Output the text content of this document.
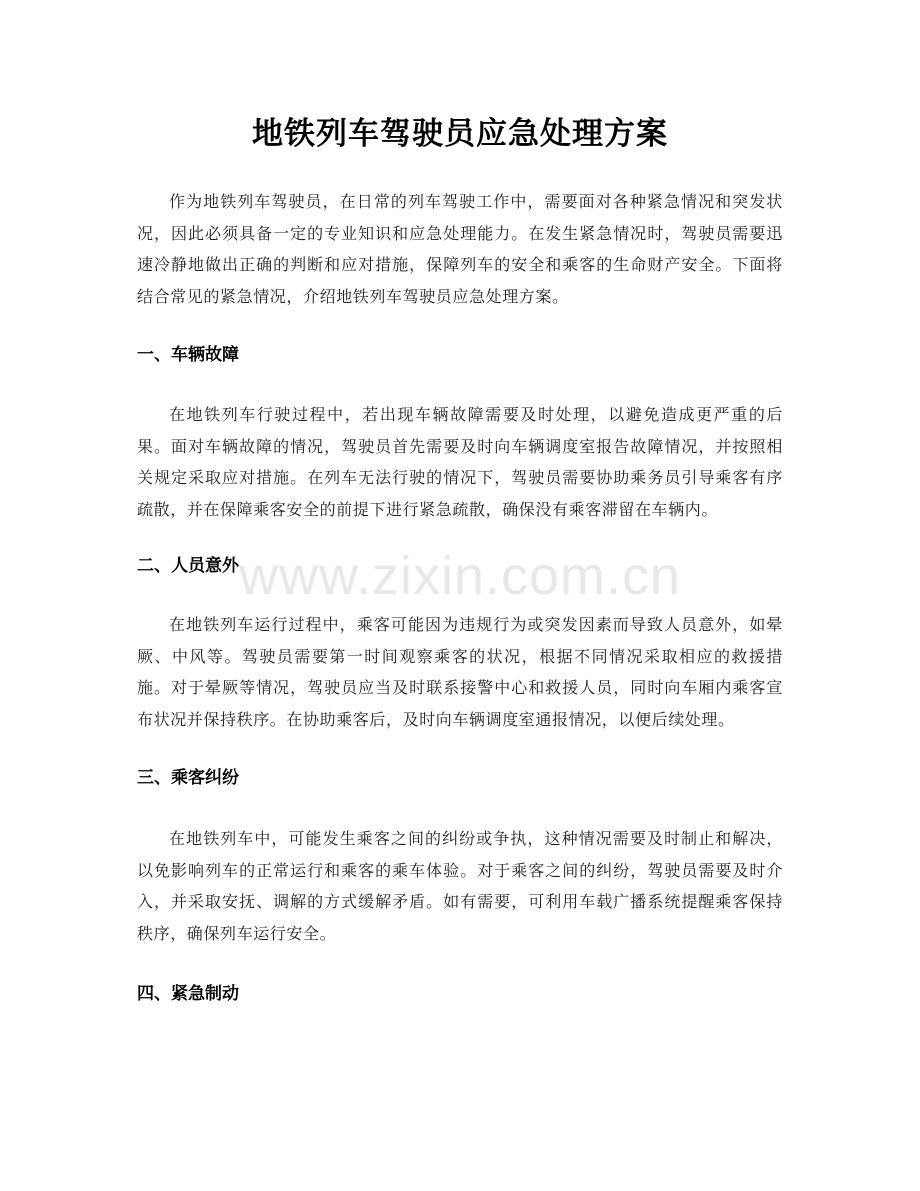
地铁列车驾驶员应急处理方案

作为地铁列车驾驶员，在日常的列车驾驶工作中，需要面对各种紧急情况和突发状况，因此必须具备一定的专业知识和应急处理能力。在发生紧急情况时，驾驶员需要迅速冷静地做出正确的判断和应对措施，保障列车的安全和乘客的生命财产安全。下面将结合常见的紧急情况，介绍地铁列车驾驶员应急处理方案。

一、车辆故障

在地铁列车行驶过程中，若出现车辆故障需要及时处理，以避免造成更严重的后果。面对车辆故障的情况，驾驶员首先需要及时向车辆调度室报告故障情况，并按照相关规定采取应对措施。在列车无法行驶的情况下，驾驶员需要协助乘务员引导乘客有序疏散，并在保障乘客安全的前提下进行紧急疏散，确保没有乘客滞留在车辆内。

二、人员意外

在地铁列车运行过程中，乘客可能因为违规行为或突发因素而导致人员意外，如晕厥、中风等。驾驶员需要第一时间观察乘客的状况，根据不同情况采取相应的救援措施。对于晕厥等情况，驾驶员应当及时联系接警中心和救援人员，同时向车厢内乘客宣布状况并保持秩序。在协助乘客后，及时向车辆调度室通报情况，以便后续处理。

三、乘客纠纷

在地铁列车中，可能发生乘客之间的纠纷或争执，这种情况需要及时制止和解决，以免影响列车的正常运行和乘客的乘车体验。对于乘客之间的纠纷，驾驶员需要及时介入，并采取安抚、调解的方式缓解矛盾。如有需要，可利用车载广播系统提醒乘客保持秩序，确保列车运行安全。

四、紧急制动
www.zixin.com.cn
